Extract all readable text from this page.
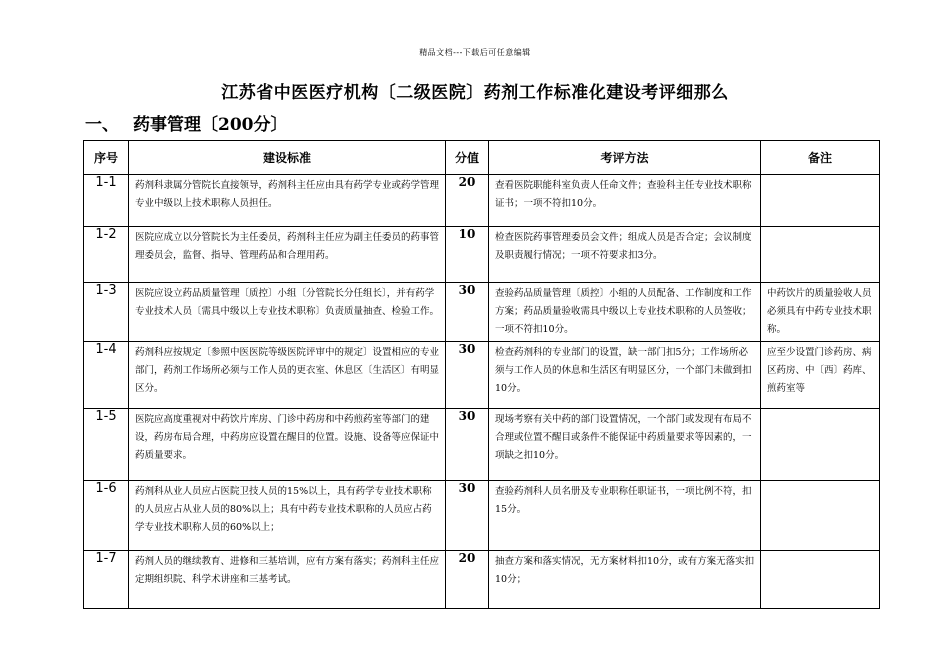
精品文档---下载后可任意编辑
江苏省中医医疗机构〔二级医院〕药剂工作标准化建设考评细那么
一、 药事管理〔200分〕
序号	建设标准	分值	考评方法	备注
1-1	药剂科隶属分管院长直接领导，药剂科主任应由具有药学专业或药学管理专业中级以上技术职称人员担任。	20	查看医院职能科室负责人任命文件；查验科主任专业技术职称证书；一项不符扣10分。	
1-2	医院应成立以分管院长为主任委员，药剂科主任应为副主任委员的药事管理委员会，监督、指导、管理药品和合理用药。	10	检查医院药事管理委员会文件；组成人员是否合定；会议制度及职责履行情况；一项不符要求扣3分。	
1-3	医院应设立药品质量管理〔质控〕小组〔分管院长分任组长〕，并有药学专业技术人员〔需具中级以上专业技术职称〕负责质量抽查、检验工作。	30	查验药品质量管理〔质控〕小组的人员配备、工作制度和工作方案；药品质量验收需具中级以上专业技术职称的人员签收；一项不符扣10分。	中药饮片的质量验收人员必须具有中药专业技术职称。
1-4	药剂科应按规定〔参照中医医院等级医院评审中的规定〕设置相应的专业部门，药剂工作场所必须与工作人员的更衣室、休息区〔生活区〕有明显区分。	30	检查药剂科的专业部门的设置，缺一部门扣5分；工作场所必须与工作人员的休息和生活区有明显区分，一个部门未做到扣10分。	应至少设置门诊药房、病区药房、中〔西〕药库、煎药室等
1-5	医院应高度重视对中药饮片库房、门诊中药房和中药煎药室等部门的建设，药房布局合理，中药房应设置在醒目的位置。设施、设备等应保证中药质量要求。	30	现场考察有关中药的部门设置情况，一个部门或发现有布局不合理或位置不醒目或条件不能保证中药质量要求等因素的，一项缺之扣10分。	
1-6	药剂科从业人员应占医院卫技人员的15%以上，具有药学专业技术职称的人员应占从业人员的80%以上；具有中药专业技术职称的人员应占药学专业技术职称人员的60%以上；	30	查验药剂科人员名册及专业职称任职证书，一项比例不符，扣15分。	
1-7	药剂人员的继续教育、进修和三基培训，应有方案有落实；药剂科主任应定期组织院、科学术讲座和三基考试。	20	抽查方案和落实情况，无方案材料扣10分，或有方案无落实扣10分；	
